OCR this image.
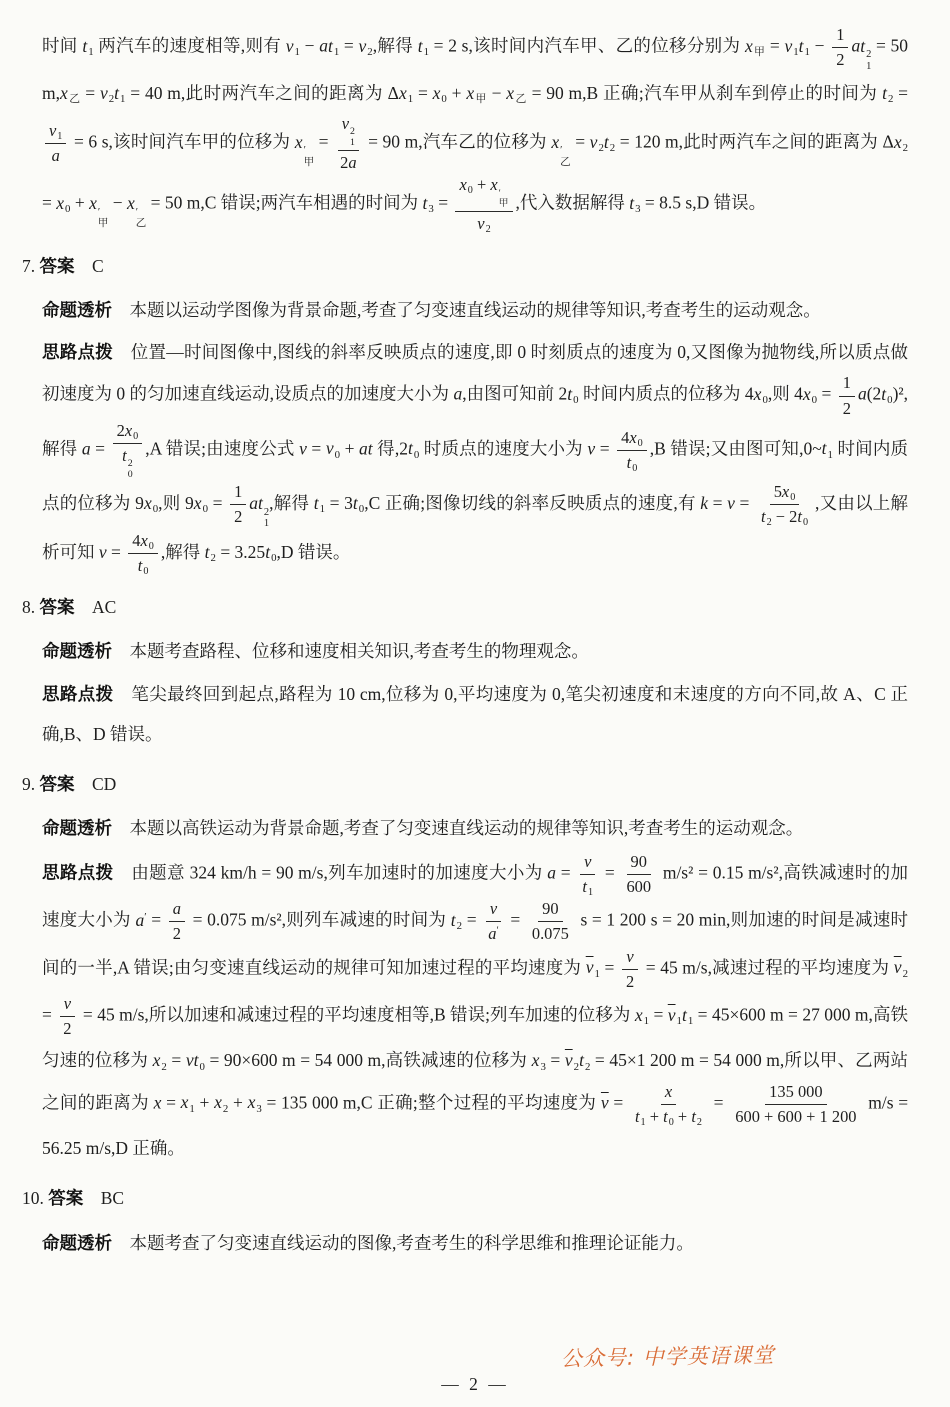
时间 $t_1$ 两汽车的速度相等,则有 $v_1 - at_1 = v_2$,解得 $t_1 = 2$ s,该时间内汽车甲、乙的位移分别为 $x_甲 = v_1t_1 - \frac{1}{2}$ at 2
1
= 50 $m,x_乙 = v_2t_1 = 40$ m,此时两汽车之间的距离为 $\Delta x_1 = x_0 + x_甲 - x_乙 = 90$ m,B 正确;汽车甲从刹车到停止的时间为 $t_2$ =
$\frac{v_1}{a} = 6$ s,该时间汽车甲的位移为 x ′
甲
= v 2
1
2a = 90 m,汽车乙的位移为 x ′
乙
= $v_2t_2 = 120$ m,此时两汽车之间的距离为 $\Delta x_2 = x_0 + x$ ′
甲
− x ′
乙
= 50 m,C 错误;两汽车相遇的时间为 $t_3 = x_0 + x$ ′
甲
$v_2$ ,代入数据解得 $t_3 = 8.5$ s,D 错误。
7. 答案　C
命题透析　本题以运动学图像为背景命题,考查了匀变速直线运动的规律等知识,考查考生的运动观念。
思路点拨　位置—时间图像中,图线的斜率反映质点的速度,即 0 时刻质点的速度为 0,又图像为抛物线,所以质点做初速度为 0 的匀加速直线运动,设质点的加速度大小为 a,由图可知前 $2t_0$ 时间内质点的位移为 $4x_0$,则 $4x_0 = \frac{1}{2} a(2t_0)^2$,解得 $a = 2x_0$
t 2
0 ,A 错误;由速度公式 $v = v_0$ + at 得$,2t_0$ 时质点的速度大小为 $v = \frac{4x_0}{t_0} ,B$ 错误;又由图可知$,0\sim t_1$ 时间内质点的位移为 $9x_0$,则 $9x_0 = \frac{1}{2}$ at 2
1
,解得 $t_1 = 3t_0,C$ 正确;图像切线的斜率反映质点的速度,有 $k = v = \frac{5x_0}{t_2 - 2t_0}$ ,又由以上解析可知 $v = \frac{4x_0}{t_0}$ ,解得 $t_2 = 3.25t_0,D$ 错误。
8. 答案　AC
命题透析　本题考查路程、位移和速度相关知识,考查考生的物理观念。
思路点拨　笔尖最终回到起点,路程为 10 cm,位移为 0,平均速度为 0,笔尖初速度和末速度的方向不同,故 A、C 正确,B、D 错误。
9. 答案　CD
命题透析　本题以高铁运动为背景命题,考查了匀变速直线运动的规律等知识,考查考生的运动观念。
思路点拨　由题意 324 km/h = 90 m/s,列车加速时的加速度大小为 $a = \frac{v}{t_1} = \frac{90}{600} m/s^2 = 0.15$ m/s²,高铁减速时的加速度大小为 $a' = \frac{a}{2} = 0.075$ m/s²,则列车减速的时间为 $t_2 = \frac{v}{a'} = \frac{90}{0.075}$ s = 1 200 s = 20 min,则加速的时间是减速时间的一半,A 错误;由匀变速直线运动的规律可知加速过程的平均速度为 $\overline{v}_1 = \frac{v}{2} = 45$ m/s,减速过程的平均速度为 $\overline{v}_2 = \frac{v}{2} = 45$ m/s,所以加速和减速过程的平均速度相等,B 错误;列车加速的位移为 $x_1 = \overline{v}_1t_1 = 45\times 600$ m = 27 000 m,高铁匀速的位移为 $x_2 = vt_0 = 90\times 600$ m = 54 000 m,高铁减速的位移为 $x_3 = \overline{v}_2t_2 = 45\times 1$ 200 m = 54 000 m,所以甲、乙两站之间的距离为 $x = x_1 + x_2 + x_3 = 135$ 000 m,C 正确;整个过程的平均速度为 $\overline{v} = \frac{x}{t_1 + t_0 + t_2} = \frac{135 000}{600 + 600 + 1 200} m/s = 56.25$ m/s,D 正确。
10. 答案　BC
命题透析　本题考查了匀变速直线运动的图像,考查考生的科学思维和推理论证能力。
公众号: 中学英语课堂
— 2 —
